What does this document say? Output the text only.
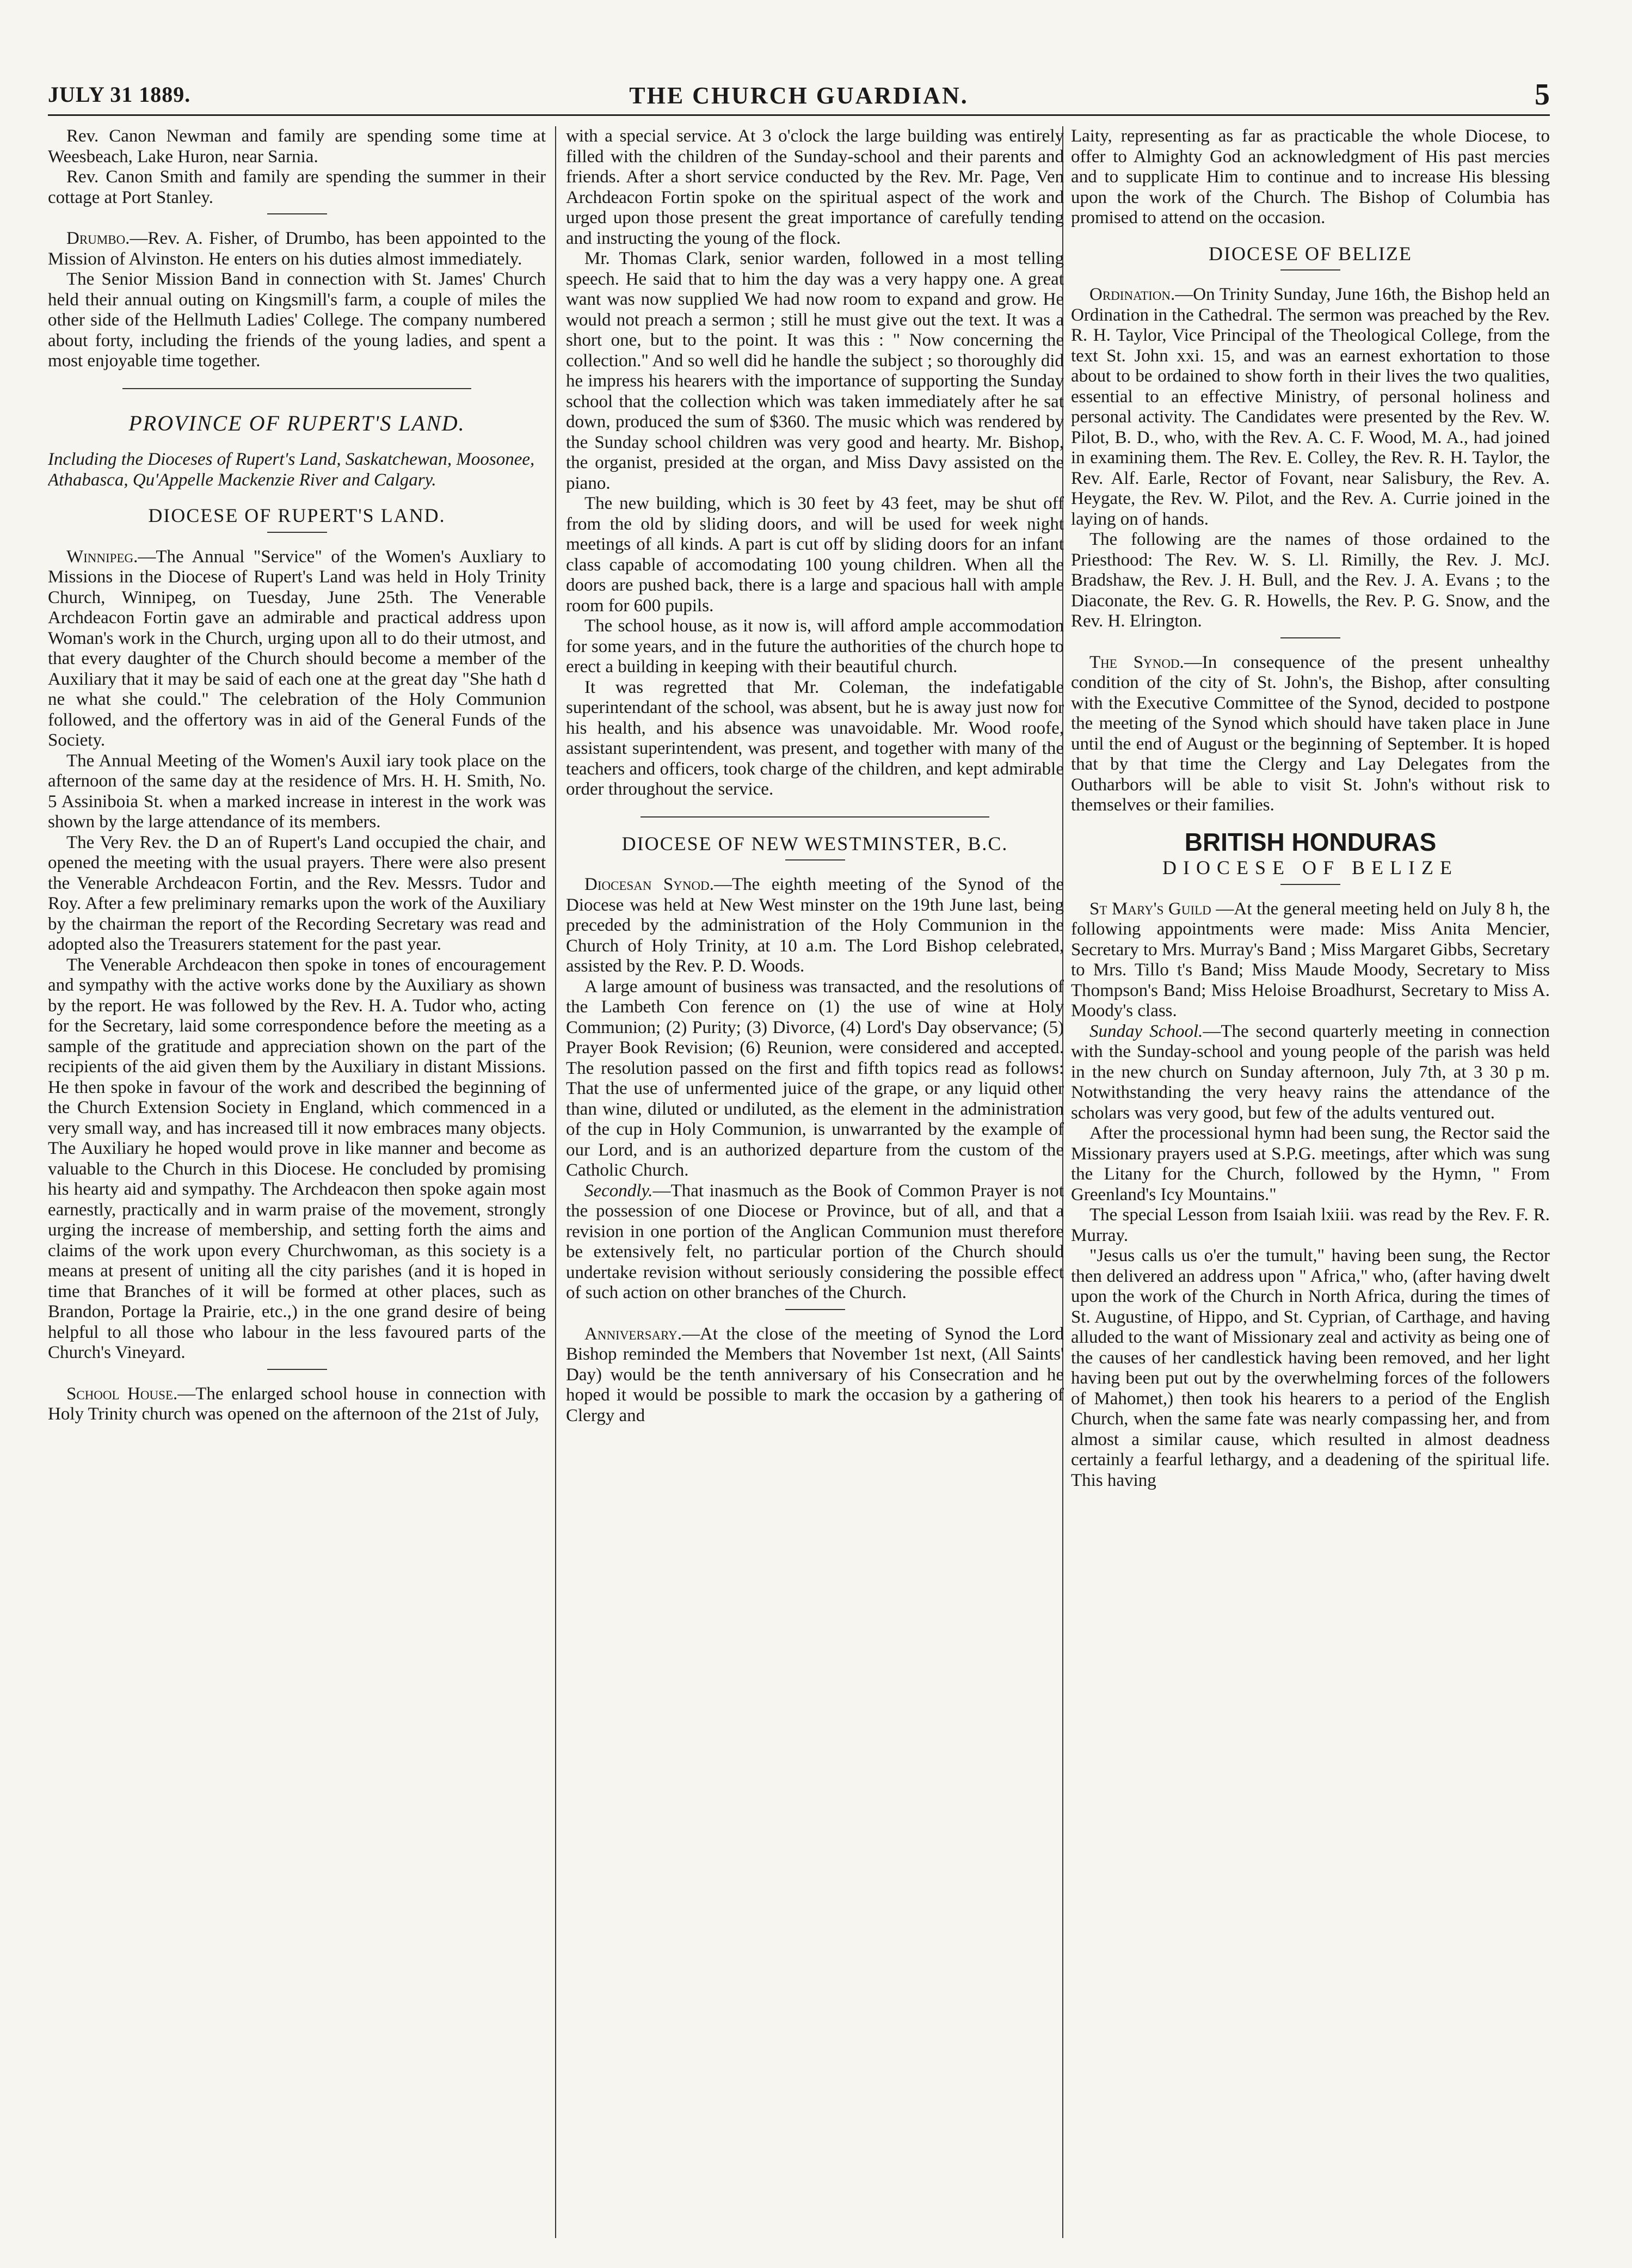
JULY 31 1889.	THE CHURCH GUARDIAN.	5

Rev. Canon Newman and family are spending some time at Weesbeach, Lake Huron, near Sarnia.

Rev. Canon Smith and family are spending the summer in their cottage at Port Stanley.

Drumbo.—Rev. A. Fisher, of Drumbo, has been appointed to the Mission of Alvinston. He enters on his duties almost immediately.

The Senior Mission Band in connection with St. James' Church held their annual outing on Kingsmill's farm, a couple of miles the other side of the Hellmuth Ladies' College. The company numbered about forty, including the friends of the young ladies, and spent a most enjoyable time together.

PROVINCE OF RUPERT'S LAND.

Including the Dioceses of Rupert's Land, Saskatchewan, Moosonee, Athabasca, Qu'Appelle Mackenzie River and Calgary.

DIOCESE OF RUPERT'S LAND.

Winnipeg.—The Annual "Service" of the Women's Auxliary to Missions in the Diocese of Rupert's Land was held in Holy Trinity Church, Winnipeg, on Tuesday, June 25th. The Venerable Archdeacon Fortin gave an admirable and practical address upon Woman's work in the Church, urging upon all to do their utmost, and that every daughter of the Church should become a member of the Auxiliary that it may be said of each one at the great day "She hath d ne what she could." The celebration of the Holy Communion followed, and the offertory was in aid of the General Funds of the Society.

The Annual Meeting of the Women's Auxil iary took place on the afternoon of the same day at the residence of Mrs. H. H. Smith, No. 5 Assiniboia St. when a marked increase in interest in the work was shown by the large attendance of its members.

The Very Rev. the D an of Rupert's Land occupied the chair, and opened the meeting with the usual prayers. There were also present the Venerable Archdeacon Fortin, and the Rev. Messrs. Tudor and Roy. After a few preliminary remarks upon the work of the Auxiliary by the chairman the report of the Recording Secretary was read and adopted also the Treasurers statement for the past year.

The Venerable Archdeacon then spoke in tones of encouragement and sympathy with the active works done by the Auxiliary as shown by the report. He was followed by the Rev. H. A. Tudor who, acting for the Secretary, laid some correspondence before the meeting as a sample of the gratitude and appreciation shown on the part of the recipients of the aid given them by the Auxiliary in distant Missions. He then spoke in favour of the work and described the beginning of the Church Extension Society in England, which commenced in a very small way, and has increased till it now embraces many objects. The Auxiliary he hoped would prove in like manner and become as valuable to the Church in this Diocese. He concluded by promising his hearty aid and sympathy. The Archdeacon then spoke again most earnestly, practically and in warm praise of the movement, strongly urging the increase of membership, and setting forth the aims and claims of the work upon every Churchwoman, as this society is a means at present of uniting all the city parishes (and it is hoped in time that Branches of it will be formed at other places, such as Brandon, Portage la Prairie, etc.,) in the one grand desire of being helpful to all those who labour in the less favoured parts of the Church's Vineyard.

School House.—The enlarged school house in connection with Holy Trinity church was opened on the afternoon of the 21st of July,

with a special service. At 3 o'clock the large building was entirely filled with the children of the Sunday-school and their parents and friends. After a short service conducted by the Rev. Mr. Page, Ven Archdeacon Fortin spoke on the spiritual aspect of the work and urged upon those present the great importance of carefully tending and instructing the young of the flock.

Mr. Thomas Clark, senior warden, followed in a most telling speech. He said that to him the day was a very happy one. A great want was now supplied We had now room to expand and grow. He would not preach a sermon ; still he must give out the text. It was a short one, but to the point. It was this : " Now concerning the collection." And so well did he handle the subject ; so thoroughly did he impress his hearers with the importance of supporting the Sunday school that the collection which was taken immediately after he sat down, produced the sum of $360. The music which was rendered by the Sunday school children was very good and hearty. Mr. Bishop, the organist, presided at the organ, and Miss Davy assisted on the piano.

The new building, which is 30 feet by 43 feet, may be shut off from the old by sliding doors, and will be used for week night meetings of all kinds. A part is cut off by sliding doors for an infant class capable of accomodating 100 young children. When all the doors are pushed back, there is a large and spacious hall with ample room for 600 pupils.

The school house, as it now is, will afford ample accommodation for some years, and in the future the authorities of the church hope to erect a building in keeping with their beautiful church.

It was regretted that Mr. Coleman, the indefatigable superintendant of the school, was absent, but he is away just now for his health, and his absence was unavoidable. Mr. Wood roofe, assistant superintendent, was present, and together with many of the teachers and officers, took charge of the children, and kept admirable order throughout the service.

DIOCESE OF NEW WESTMINSTER, B.C.

Diocesan Synod.—The eighth meeting of the Synod of the Diocese was held at New West minster on the 19th June last, being preceded by the administration of the Holy Communion in the Church of Holy Trinity, at 10 a.m. The Lord Bishop celebrated, assisted by the Rev. P. D. Woods.

A large amount of business was transacted, and the resolutions of the Lambeth Con ference on (1) the use of wine at Holy Communion; (2) Purity; (3) Divorce, (4) Lord's Day observance; (5) Prayer Book Revision; (6) Reunion, were considered and accepted. The resolution passed on the first and fifth topics read as follows: That the use of unfermented juice of the grape, or any liquid other than wine, diluted or undiluted, as the element in the administration of the cup in Holy Communion, is unwarranted by the example of our Lord, and is an authorized departure from the custom of the Catholic Church.

Secondly.—That inasmuch as the Book of Common Prayer is not the possession of one Diocese or Province, but of all, and that a revision in one portion of the Anglican Communion must therefore be extensively felt, no particular portion of the Church should undertake revision without seriously considering the possible effect of such action on other branches of the Church.

Anniversary.—At the close of the meeting of Synod the Lord Bishop reminded the Members that November 1st next, (All Saints' Day) would be the tenth anniversary of his Consecration and he hoped it would be possible to mark the occasion by a gathering of Clergy and

Laity, representing as far as practicable the whole Diocese, to offer to Almighty God an acknowledgment of His past mercies and to supplicate Him to continue and to increase His blessing upon the work of the Church. The Bishop of Columbia has promised to attend on the occasion.

DIOCESE OF BELIZE

Ordination.—On Trinity Sunday, June 16th, the Bishop held an Ordination in the Cathedral. The sermon was preached by the Rev. R. H. Taylor, Vice Principal of the Theological College, from the text St. John xxi. 15, and was an earnest exhortation to those about to be ordained to show forth in their lives the two qualities, essential to an effective Ministry, of personal holiness and personal activity. The Candidates were presented by the Rev. W. Pilot, B. D., who, with the Rev. A. C. F. Wood, M. A., had joined in examining them. The Rev. E. Colley, the Rev. R. H. Taylor, the Rev. Alf. Earle, Rector of Fovant, near Salisbury, the Rev. A. Heygate, the Rev. W. Pilot, and the Rev. A. Currie joined in the laying on of hands.

The following are the names of those ordained to the Priesthood: The Rev. W. S. Ll. Rimilly, the Rev. J. McJ. Bradshaw, the Rev. J. H. Bull, and the Rev. J. A. Evans ; to the Diaconate, the Rev. G. R. Howells, the Rev. P. G. Snow, and the Rev. H. Elrington.

The Synod.—In consequence of the present unhealthy condition of the city of St. John's, the Bishop, after consulting with the Executive Committee of the Synod, decided to postpone the meeting of the Synod which should have taken place in June until the end of August or the beginning of September. It is hoped that by that time the Clergy and Lay Delegates from the Outharbors will be able to visit St. John's without risk to themselves or their families.

BRITISH HONDURAS
DIOCESE OF BELIZE

St Mary's Guild —At the general meeting held on July 8 h, the following appointments were made: Miss Anita Mencier, Secretary to Mrs. Murray's Band ; Miss Margaret Gibbs, Secretary to Mrs. Tillo t's Band; Miss Maude Moody, Secretary to Miss Thompson's Band; Miss Heloise Broadhurst, Secretary to Miss A. Moody's class.

Sunday School.—The second quarterly meeting in connection with the Sunday-school and young people of the parish was held in the new church on Sunday afternoon, July 7th, at 3 30 p m. Notwithstanding the very heavy rains the attendance of the scholars was very good, but few of the adults ventured out.

After the processional hymn had been sung, the Rector said the Missionary prayers used at S.P.G. meetings, after which was sung the Litany for the Church, followed by the Hymn, " From Greenland's Icy Mountains."

The special Lesson from Isaiah lxiii. was read by the Rev. F. R. Murray.

"Jesus calls us o'er the tumult," having been sung, the Rector then delivered an address upon " Africa," who, (after having dwelt upon the work of the Church in North Africa, during the times of St. Augustine, of Hippo, and St. Cyprian, of Carthage, and having alluded to the want of Missionary zeal and activity as being one of the causes of her candlestick having been removed, and her light having been put out by the overwhelming forces of the followers of Mahomet,) then took his hearers to a period of the English Church, when the same fate was nearly compassing her, and from almost a similar cause, which resulted in almost deadness certainly a fearful lethargy, and a deadening of the spiritual life. This having
